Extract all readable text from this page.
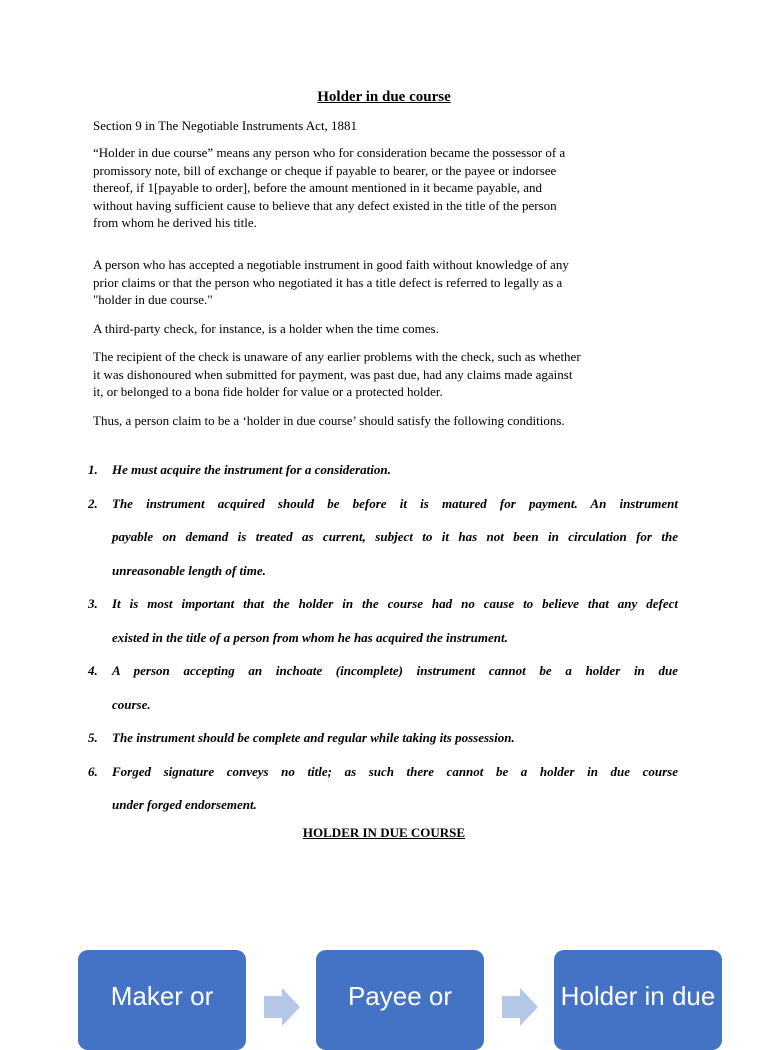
Holder in due course

Section 9 in The Negotiable Instruments Act, 1881

“Holder in due course” means any person who for consideration became the possessor of a
promissory note, bill of exchange or cheque if payable to bearer, or the payee or indorsee
thereof, if 1[payable to order], before the amount mentioned in it became payable, and
without having sufficient cause to believe that any defect existed in the title of the person
from whom he derived his title.

A person who has accepted a negotiable instrument in good faith without knowledge of any
prior claims or that the person who negotiated it has a title defect is referred to legally as a
"holder in due course."

A third-party check, for instance, is a holder when the time comes.

The recipient of the check is unaware of any earlier problems with the check, such as whether
it was dishonoured when submitted for payment, was past due, had any claims made against
it, or belonged to a bona fide holder for value or a protected holder.

Thus, a person claim to be a ‘holder in due course’ should satisfy the following conditions.

1. He must acquire the instrument for a consideration.
2. The instrument acquired should be before it is matured for payment. An instrument
payable on demand is treated as current, subject to it has not been in circulation for the
unreasonable length of time.
3. It is most important that the holder in the course had no cause to believe that any defect
existed in the title of a person from whom he has acquired the instrument.
4. A person accepting an inchoate (incomplete) instrument cannot be a holder in due
course.
5. The instrument should be complete and regular while taking its possession.
6. Forged signature conveys no title; as such there cannot be a holder in due course
under forged endorsement.
HOLDER IN DUE COURSE
Maker or	Payee or	Holder in due
